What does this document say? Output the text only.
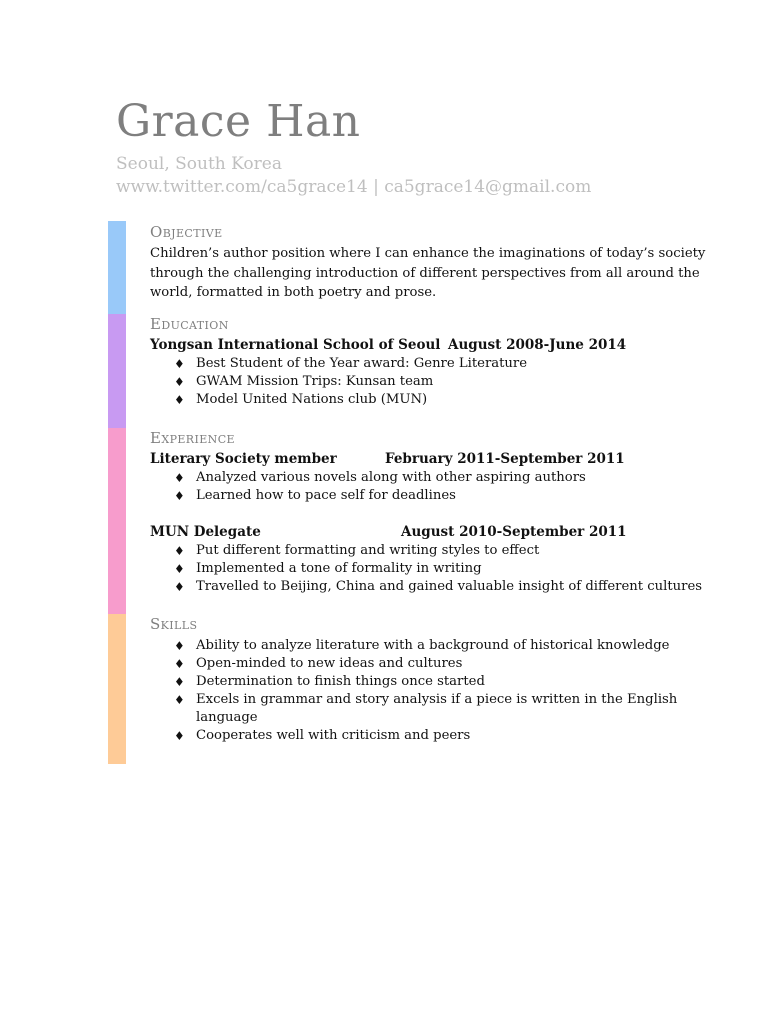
Grace Han
Seoul, South Korea
www.twitter.com/ca5grace14 | ca5grace14@gmail.com
Objective
Children’s author position where I can enhance the imaginations of today’s society through the challenging introduction of different perspectives from all around the world, formatted in both poetry and prose.
Education
Yongsan International School of Seoul August 2008-June 2014
♦ Best Student of the Year award: Genre Literature
♦ GWAM Mission Trips: Kunsan team
♦ Model United Nations club (MUN)
Experience
Literary Society member	February 2011-September 2011
♦ Analyzed various novels along with other aspiring authors
♦ Learned how to pace self for deadlines
MUN Delegate	August 2010-September 2011
♦ Put different formatting and writing styles to effect
♦ Implemented a tone of formality in writing
♦ Travelled to Beijing, China and gained valuable insight of different cultures
Skills
♦ Ability to analyze literature with a background of historical knowledge
♦ Open-minded to new ideas and cultures
♦ Determination to finish things once started
♦ Excels in grammar and story analysis if a piece is written in the English language
♦ Cooperates well with criticism and peers
